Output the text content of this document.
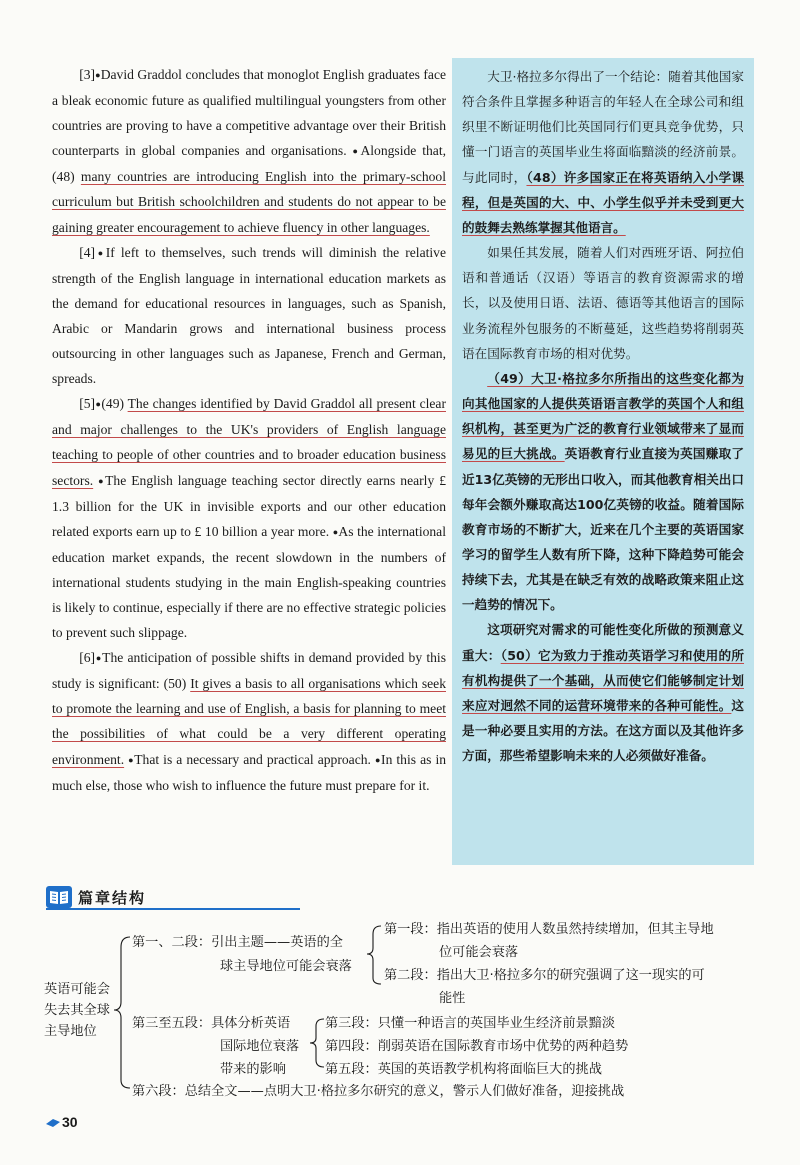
[3]●David Graddol concludes that monoglot English graduates face a bleak economic future as qualified multilingual youngsters from other countries are proving to have a competitive advantage over their British counterparts in global companies and organisations. ●Alongside that, (48) many countries are introducing English into the primary-school curriculum but British schoolchildren and students do not appear to be gaining greater encouragement to achieve fluency in other languages.

[4]●If left to themselves, such trends will diminish the relative strength of the English language in international education markets as the demand for educational resources in languages, such as Spanish, Arabic or Mandarin grows and international business process outsourcing in other languages such as Japanese, French and German, spreads.

[5]●(49) The changes identified by David Graddol all present clear and major challenges to the UK's providers of English language teaching to people of other countries and to broader education business sectors. ●The English language teaching sector directly earns nearly £ 1.3 billion for the UK in invisible exports and our other education related exports earn up to £ 10 billion a year more. ●As the international education market expands, the recent slowdown in the numbers of international students studying in the main English-speaking countries is likely to continue, especially if there are no effective strategic policies to prevent such slippage.

[6]●The anticipation of possible shifts in demand provided by this study is significant: (50) It gives a basis to all organisations which seek to promote the learning and use of English, a basis for planning to meet the possibilities of what could be a very different operating environment. ●That is a necessary and practical approach. ●In this as in much else, those who wish to influence the future must prepare for it.

大卫·格拉多尔得出了一个结论：随着其他国家符合条件且掌握多种语言的年轻人在全球公司和组织里不断证明他们比英国同行们更具竞争优势，只懂一门语言的英国毕业生将面临黯淡的经济前景。与此同时，（48）许多国家正在将英语纳入小学课程，但是英国的大、中、小学生似乎并未受到更大的鼓舞去熟练掌握其他语言。

如果任其发展，随着人们对西班牙语、阿拉伯语和普通话（汉语）等语言的教育资源需求的增长，以及使用日语、法语、德语等其他语言的国际业务流程外包服务的不断蔓延，这些趋势将削弱英语在国际教育市场的相对优势。

（49）大卫·格拉多尔所指出的这些变化都为向其他国家的人提供英语语言教学的英国个人和组织机构，甚至更为广泛的教育行业领域带来了显而易见的巨大挑战。英语教育行业直接为英国赚取了近13亿英镑的无形出口收入，而其他教育相关出口每年会额外赚取高达100亿英镑的收益。随着国际教育市场的不断扩大，近来在几个主要的英语国家学习的留学生人数有所下降，这种下降趋势可能会持续下去，尤其是在缺乏有效的战略政策来阻止这一趋势的情况下。

这项研究对需求的可能性变化所做的预测意义重大：（50）它为致力于推动英语学习和使用的所有机构提供了一个基础，从而使它们能够制定计划来应对迥然不同的运营环境带来的各种可能性。这是一种必要且实用的方法。在这方面以及其他许多方面，那些希望影响未来的人必须做好准备。

篇章结构
英语可能会
失去其全球
主导地位
第一、二段：引出主题——英语的全
球主导地位可能会衰落
第一段：指出英语的使用人数虽然持续增加，但其主导地
位可能会衰落
第二段：指出大卫·格拉多尔的研究强调了这一现实的可
能性
第三至五段：具体分析英语
国际地位衰落
带来的影响
第三段：只懂一种语言的英国毕业生经济前景黯淡
第四段：削弱英语在国际教育市场中优势的两种趋势
第五段：英国的英语教学机构将面临巨大的挑战
第六段：总结全文——点明大卫·格拉多尔研究的意义，警示人们做好准备，迎接挑战
30
